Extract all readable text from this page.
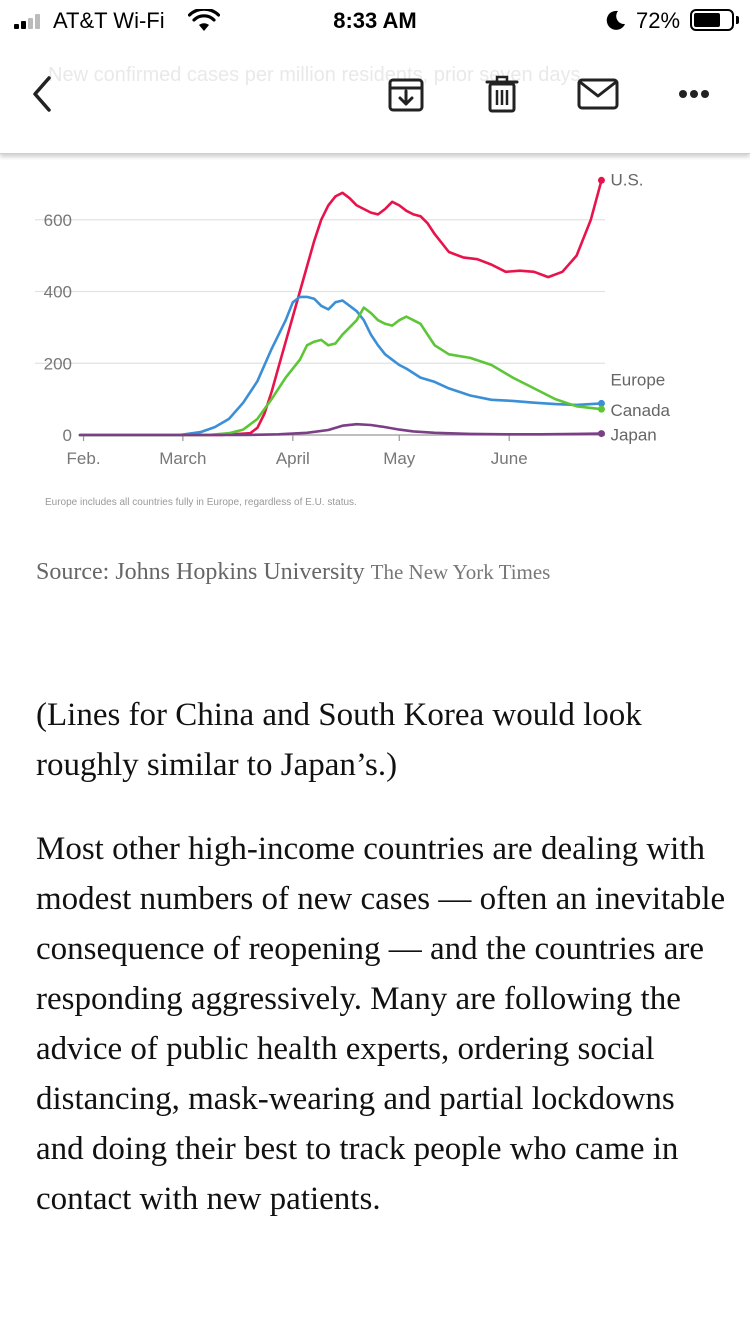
AT&T Wi-Fi	8:33 AM	72%
New confirmed cases per million residents, prior seven days
0
200
400
600
Feb.	March	April	May	June
U.S.
Europe
Canada
Japan
Europe includes all countries fully in Europe, regardless of E.U. status.
Source: Johns Hopkins University The New York Times

(Lines for China and South Korea would look roughly similar to Japan’s.)

Most other high-income countries are dealing with modest numbers of new cases — often an inevitable consequence of reopening — and the countries are responding aggressively. Many are following the advice of public health experts, ordering social distancing, mask-wearing and partial lockdowns and doing their best to track people who came in contact with new patients.
